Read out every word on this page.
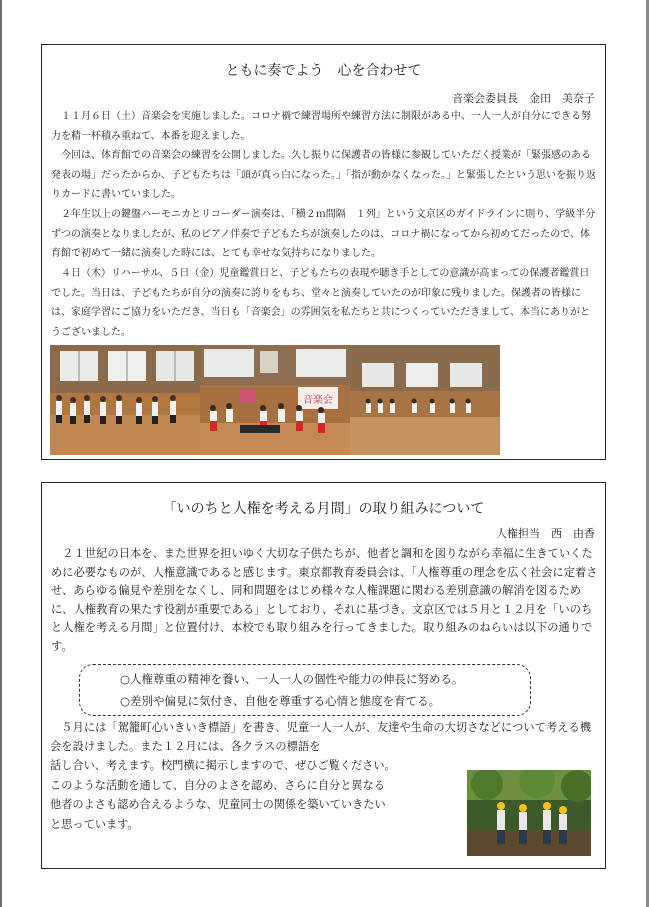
ともに奏でよう　心を合わせて
音楽会委員長　金田　美奈子

　１１月６日（土）音楽会を実施しました。コロナ禍で練習場所や練習方法に制限がある中、一人一人が自分にできる努力を精一杯積み重ねて、本番を迎えました。

　今回は、体育館での音楽会の練習を公開しました。久し振りに保護者の皆様に参観していただく授業が「緊張感のある発表の場」だったからか、子どもたちは「頭が真っ白になった。」「指が動かなくなった。」と緊張したという思いを振り返りカードに書いていました。

　２年生以上の鍵盤ハーモニカとリコーダー演奏は、「横２ｍ間隔　１列」という文京区のガイドラインに則り、学級半分ずつの演奏となりましたが、私のピアノ伴奏で子どもたちが演奏したのは、コロナ禍になってから初めてだったので、体育館で初めて一緒に演奏した時には、とても幸せな気持ちになりました。

　４日（木）リハーサル、５日（金）児童鑑賞日と、子どもたちの表現や聴き手としての意識が高まっての保護者鑑賞日でした。当日は、子どもたちが自分の演奏に誇りをもち、堂々と演奏していたのが印象に残りました。保護者の皆様には、家庭学習にご協力をいただき、当日も「音楽会」の雰囲気を私たちと共につくっていただきまして、本当にありがとうございました。

音楽会
「いのちと人権を考える月間」の取り組みについて
人権担当　西　由香

　２１世紀の日本を、また世界を担いゆく大切な子供たちが、他者と調和を図りながら幸福に生きていくために必要なものが、人権意識であると感じます。東京都教育委員会は、「人権尊重の理念を広く社会に定着させ、あらゆる偏見や差別をなくし、同和問題をはじめ様々な人権課題に関わる差別意識の解消を図るために、人権教育の果たす役割が重要である」としており、それに基づき、文京区では５月と１２月を「いのちと人権を考える月間」と位置付け、本校でも取り組みを行ってきました。取り組みのねらいは以下の通りです。

○人権尊重の精神を養い、一人一人の個性や能力の伸長に努める。
○差別や偏見に気付き、自他を尊重する心情と態度を育てる。

　５月には「駕籠町心いきいき標語」を書き、児童一人一人が、友達や生命の大切さなどについて考える機会を設けました。また１２月には、各クラスの標語を

話し合い、考えます。校門横に掲示しますので、ぜひご覧ください。
このような活動を通して、自分のよさを認め、さらに自分と異なる
他者のよさも認め合えるような、児童同士の関係を築いていきたい
と思っています。
